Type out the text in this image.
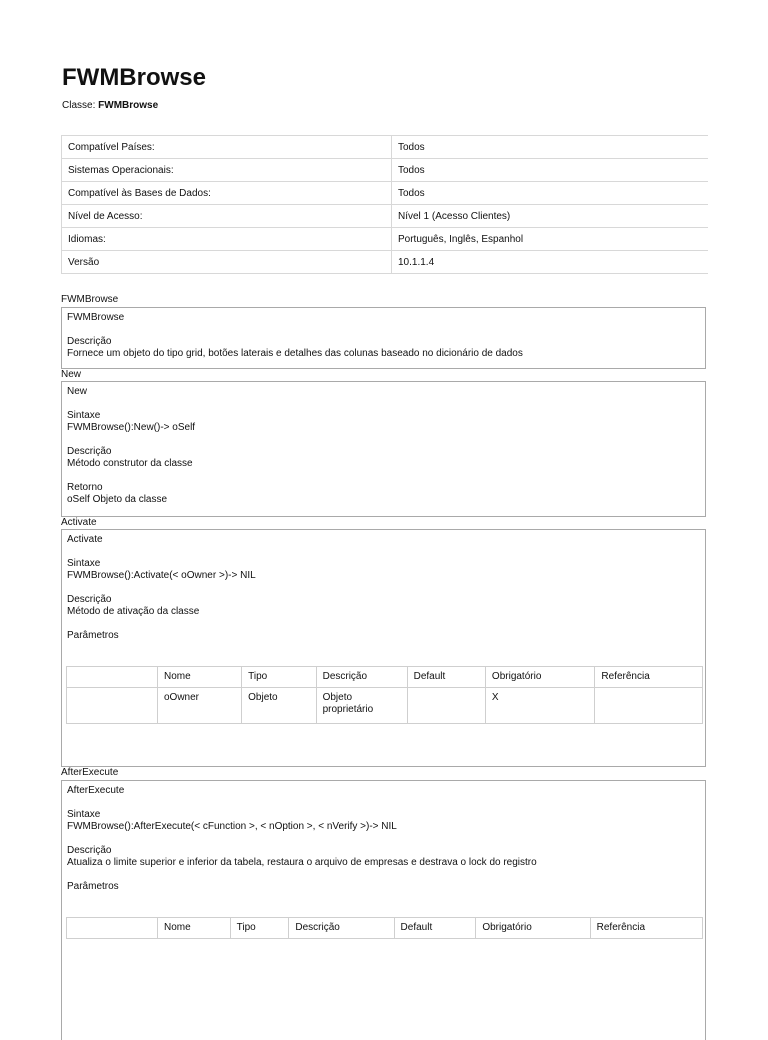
FWMBrowse
Classe: FWMBrowse
Compatível Países:	Todos
Sistemas Operacionais:	Todos
Compatível às Bases de Dados:	Todos
Nível de Acesso:	Nível 1 (Acesso Clientes)
Idiomas:	Português, Inglês, Espanhol
Versão	10.1.1.4
FWMBrowse

FWMBrowse

Descrição

Fornece um objeto do tipo grid, botões laterais e detalhes das colunas baseado no dicionário de dados

New

New

Sintaxe

FWMBrowse():New()-> oSelf

Descrição

Método construtor da classe

Retorno

oSelf Objeto da classe

Activate

Activate

Sintaxe

FWMBrowse():Activate(< oOwner >)-> NIL

Descrição

Método de ativação da classe

Parâmetros

	Nome	Tipo	Descrição	Default	Obrigatório	Referência
	oOwner	Objeto	Objeto proprietário		X	
AfterExecute

AfterExecute

Sintaxe

FWMBrowse():AfterExecute(< cFunction >, < nOption >, < nVerify >)-> NIL

Descrição

Atualiza o limite superior e inferior da tabela, restaura o arquivo de empresas e destrava o lock do registro

Parâmetros

	Nome	Tipo	Descrição	Default	Obrigatório	Referência
